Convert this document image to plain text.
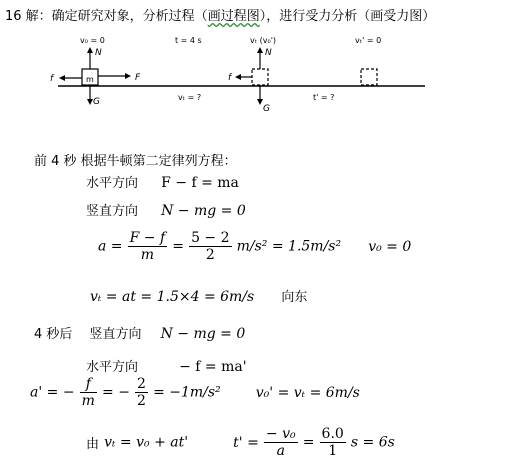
16 解：确定研究对象，分析过程（画过程图），进行受力分析（画受力图）
m
N
G
F
f
v₀ = 0
vₜ = ?
t = 4 s
N
G
f
vₜ (v₀')
t' = ?
vₜ' = 0
前 4 秒 根据牛顿第二定律列方程：
水平方向 F − f = ma
竖直方向 N − mg = 0
$a = \frac{F - f}{m} = \frac{5 - 2}{2} m/s^2 = 1.5m/s^2$ v₀ = 0
vₜ = at = 1.5×4 = 6m/s 向东
4 秒后 竖直方向 N − mg = 0
水平方向	− f = ma'
a' = − $\frac{f}{m}$ = − $\frac{2}{2} = -1m/s^2$	v₀' = vₜ = 6m/s
由 vₜ = v₀ + at'	$t' = \frac{\text{− v₀}}{a} = \frac{6.0}{1}$ s = 6s
